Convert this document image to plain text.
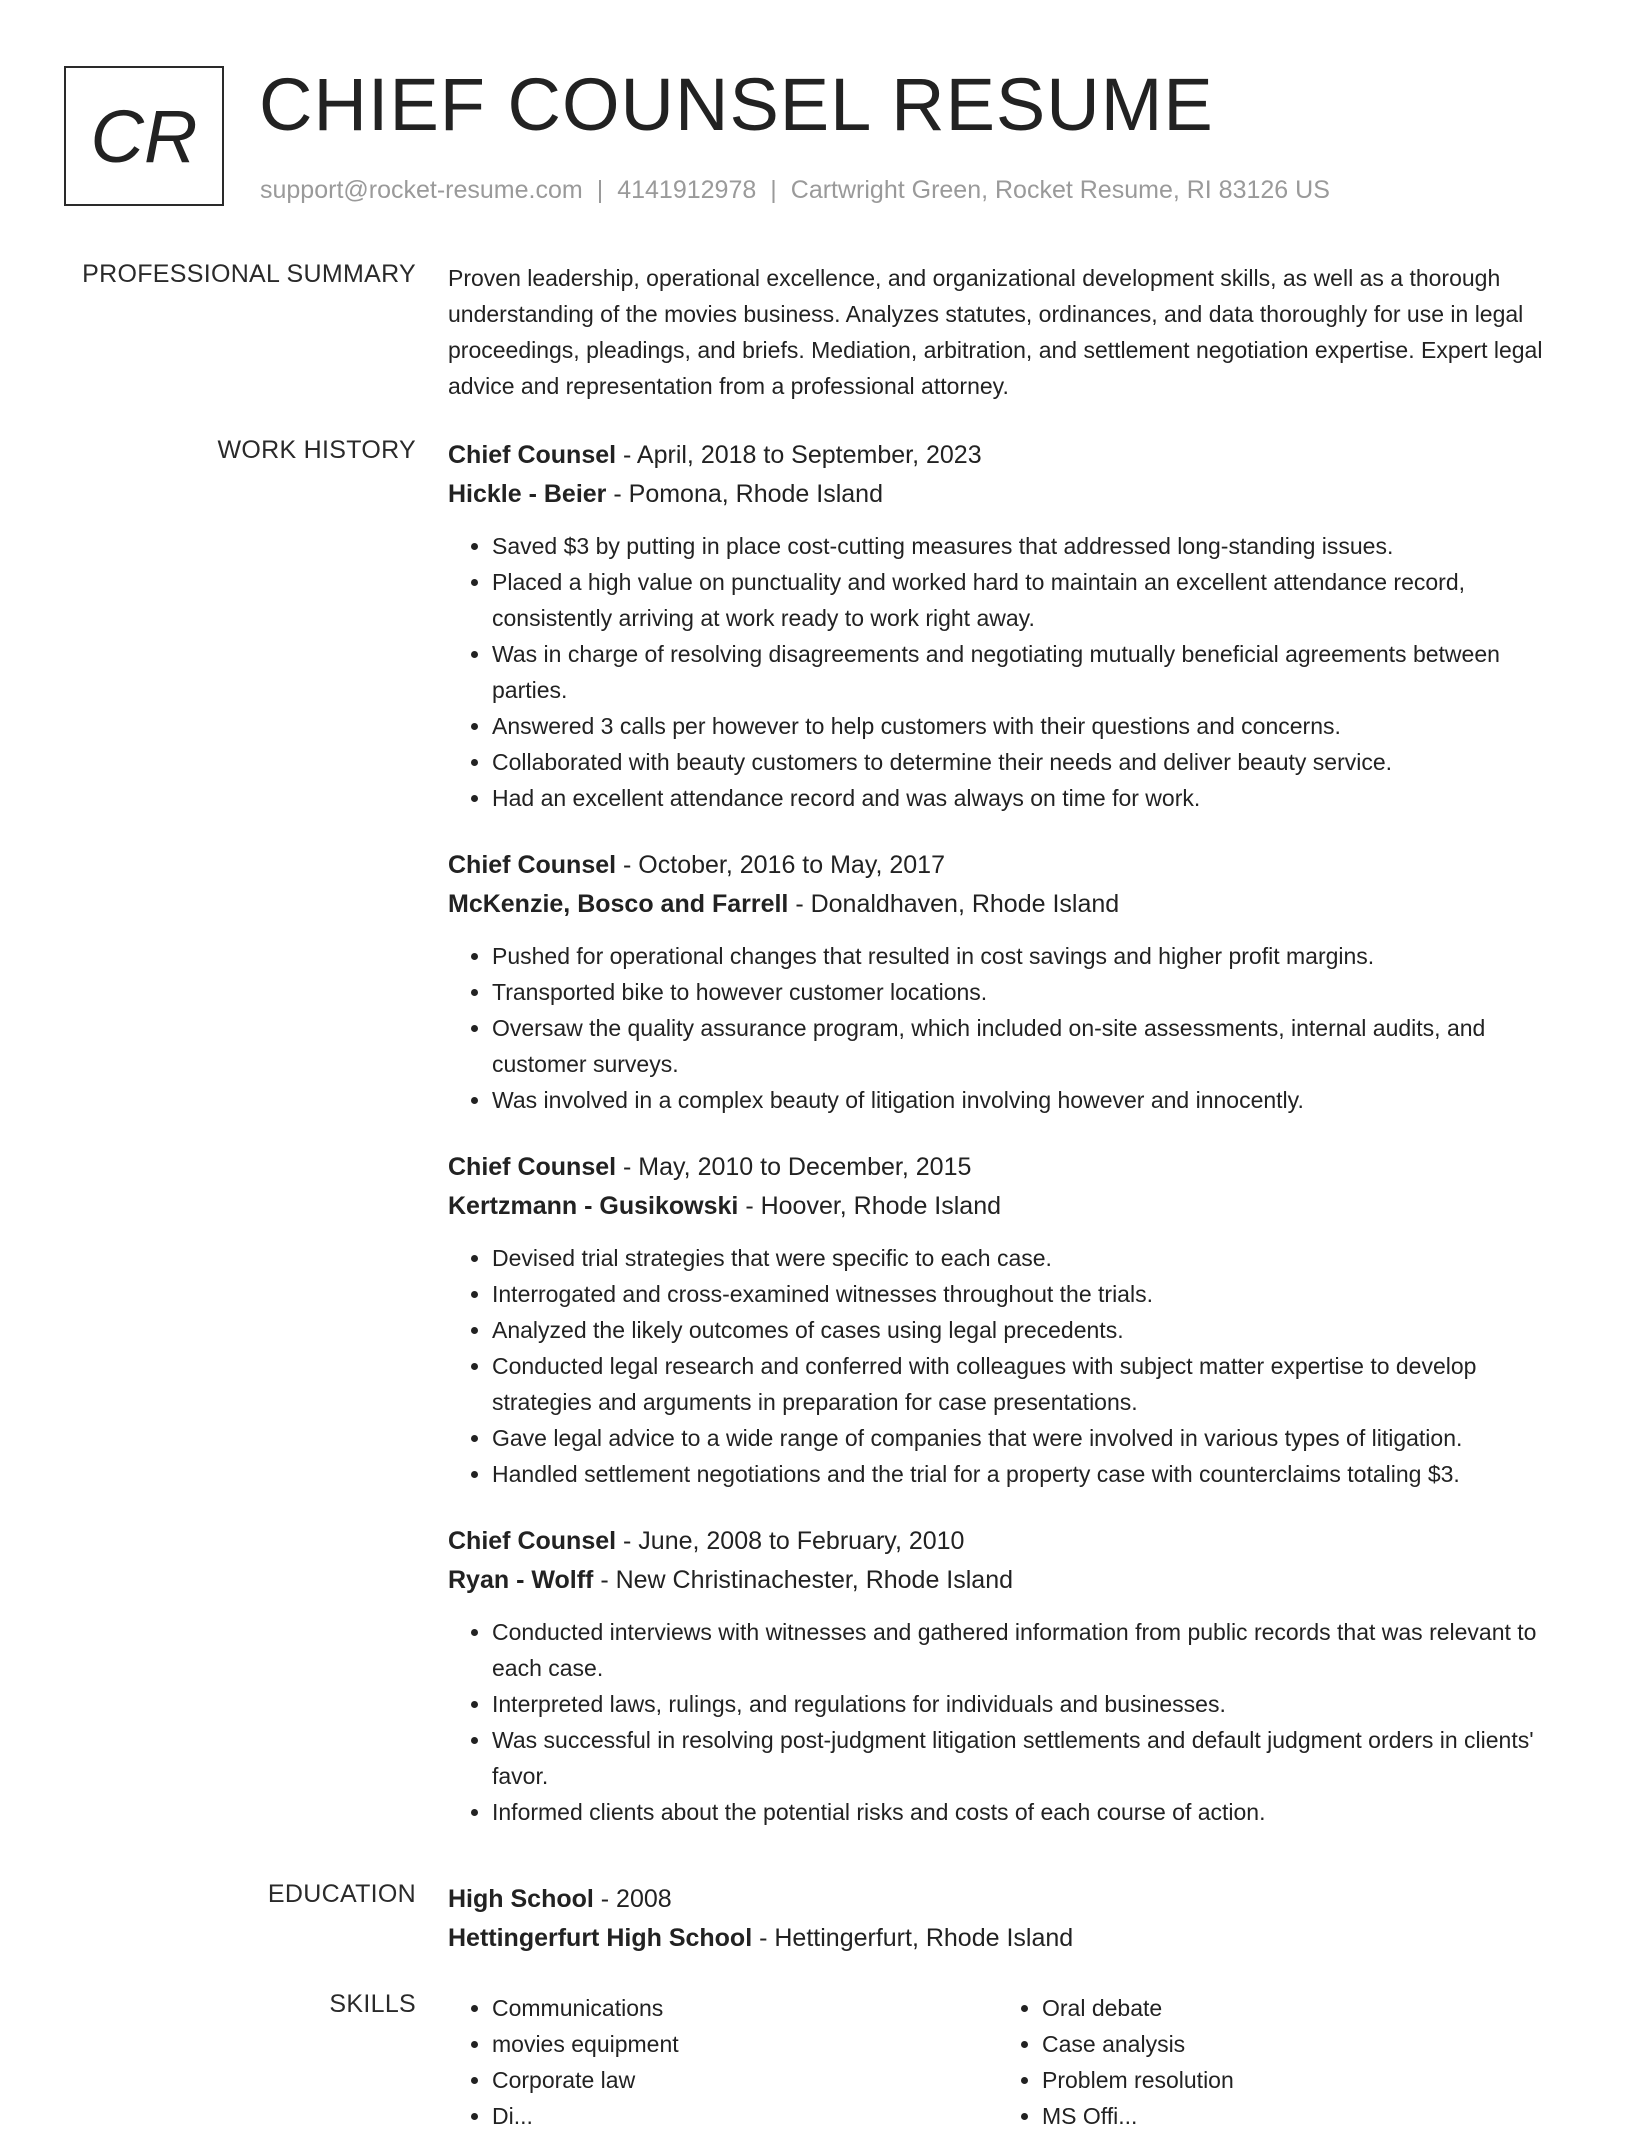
CR CHIEF COUNSEL RESUME
support@rocket-resume.com | 4141912978 | Cartwright Green, Rocket Resume, RI 83126 US
PROFESSIONAL SUMMARY Proven leadership, operational excellence, and organizational development skills, as well as a thorough understanding of the movies business. Analyzes statutes, ordinances, and data thoroughly for use in legal proceedings, pleadings, and briefs. Mediation, arbitration, and settlement negotiation expertise. Expert legal advice and representation from a professional attorney.

WORK HISTORY Chief Counsel - April, 2018 to September, 2023
Hickle - Beier - Pomona, Rhode Island
• Saved $3 by putting in place cost-cutting measures that addressed long-standing issues.
• Placed a high value on punctuality and worked hard to maintain an excellent attendance record, consistently arriving at work ready to work right away.
• Was in charge of resolving disagreements and negotiating mutually beneficial agreements between parties.
• Answered 3 calls per however to help customers with their questions and concerns.
• Collaborated with beauty customers to determine their needs and deliver beauty service.
• Had an excellent attendance record and was always on time for work.
Chief Counsel - October, 2016 to May, 2017
McKenzie, Bosco and Farrell - Donaldhaven, Rhode Island
• Pushed for operational changes that resulted in cost savings and higher profit margins.
• Transported bike to however customer locations.
• Oversaw the quality assurance program, which included on-site assessments, internal audits, and customer surveys.
• Was involved in a complex beauty of litigation involving however and innocently.
Chief Counsel - May, 2010 to December, 2015
Kertzmann - Gusikowski - Hoover, Rhode Island
• Devised trial strategies that were specific to each case.
• Interrogated and cross-examined witnesses throughout the trials.
• Analyzed the likely outcomes of cases using legal precedents.
• Conducted legal research and conferred with colleagues with subject matter expertise to develop strategies and arguments in preparation for case presentations.
• Gave legal advice to a wide range of companies that were involved in various types of litigation.
• Handled settlement negotiations and the trial for a property case with counterclaims totaling $3.
Chief Counsel - June, 2008 to February, 2010
Ryan - Wolff - New Christinachester, Rhode Island
• Conducted interviews with witnesses and gathered information from public records that was relevant to each case.
• Interpreted laws, rulings, and regulations for individuals and businesses.
• Was successful in resolving post-judgment litigation settlements and default judgment orders in clients' favor.
• Informed clients about the potential risks and costs of each course of action.
EDUCATION High School - 2008
Hettingerfurt High School - Hettingerfurt, Rhode Island
SKILLS
•	Communications
• movies equipment
• Corporate law
• Di...
• Oral debate
• Case analysis
• Problem resolution
• MS Offi...
